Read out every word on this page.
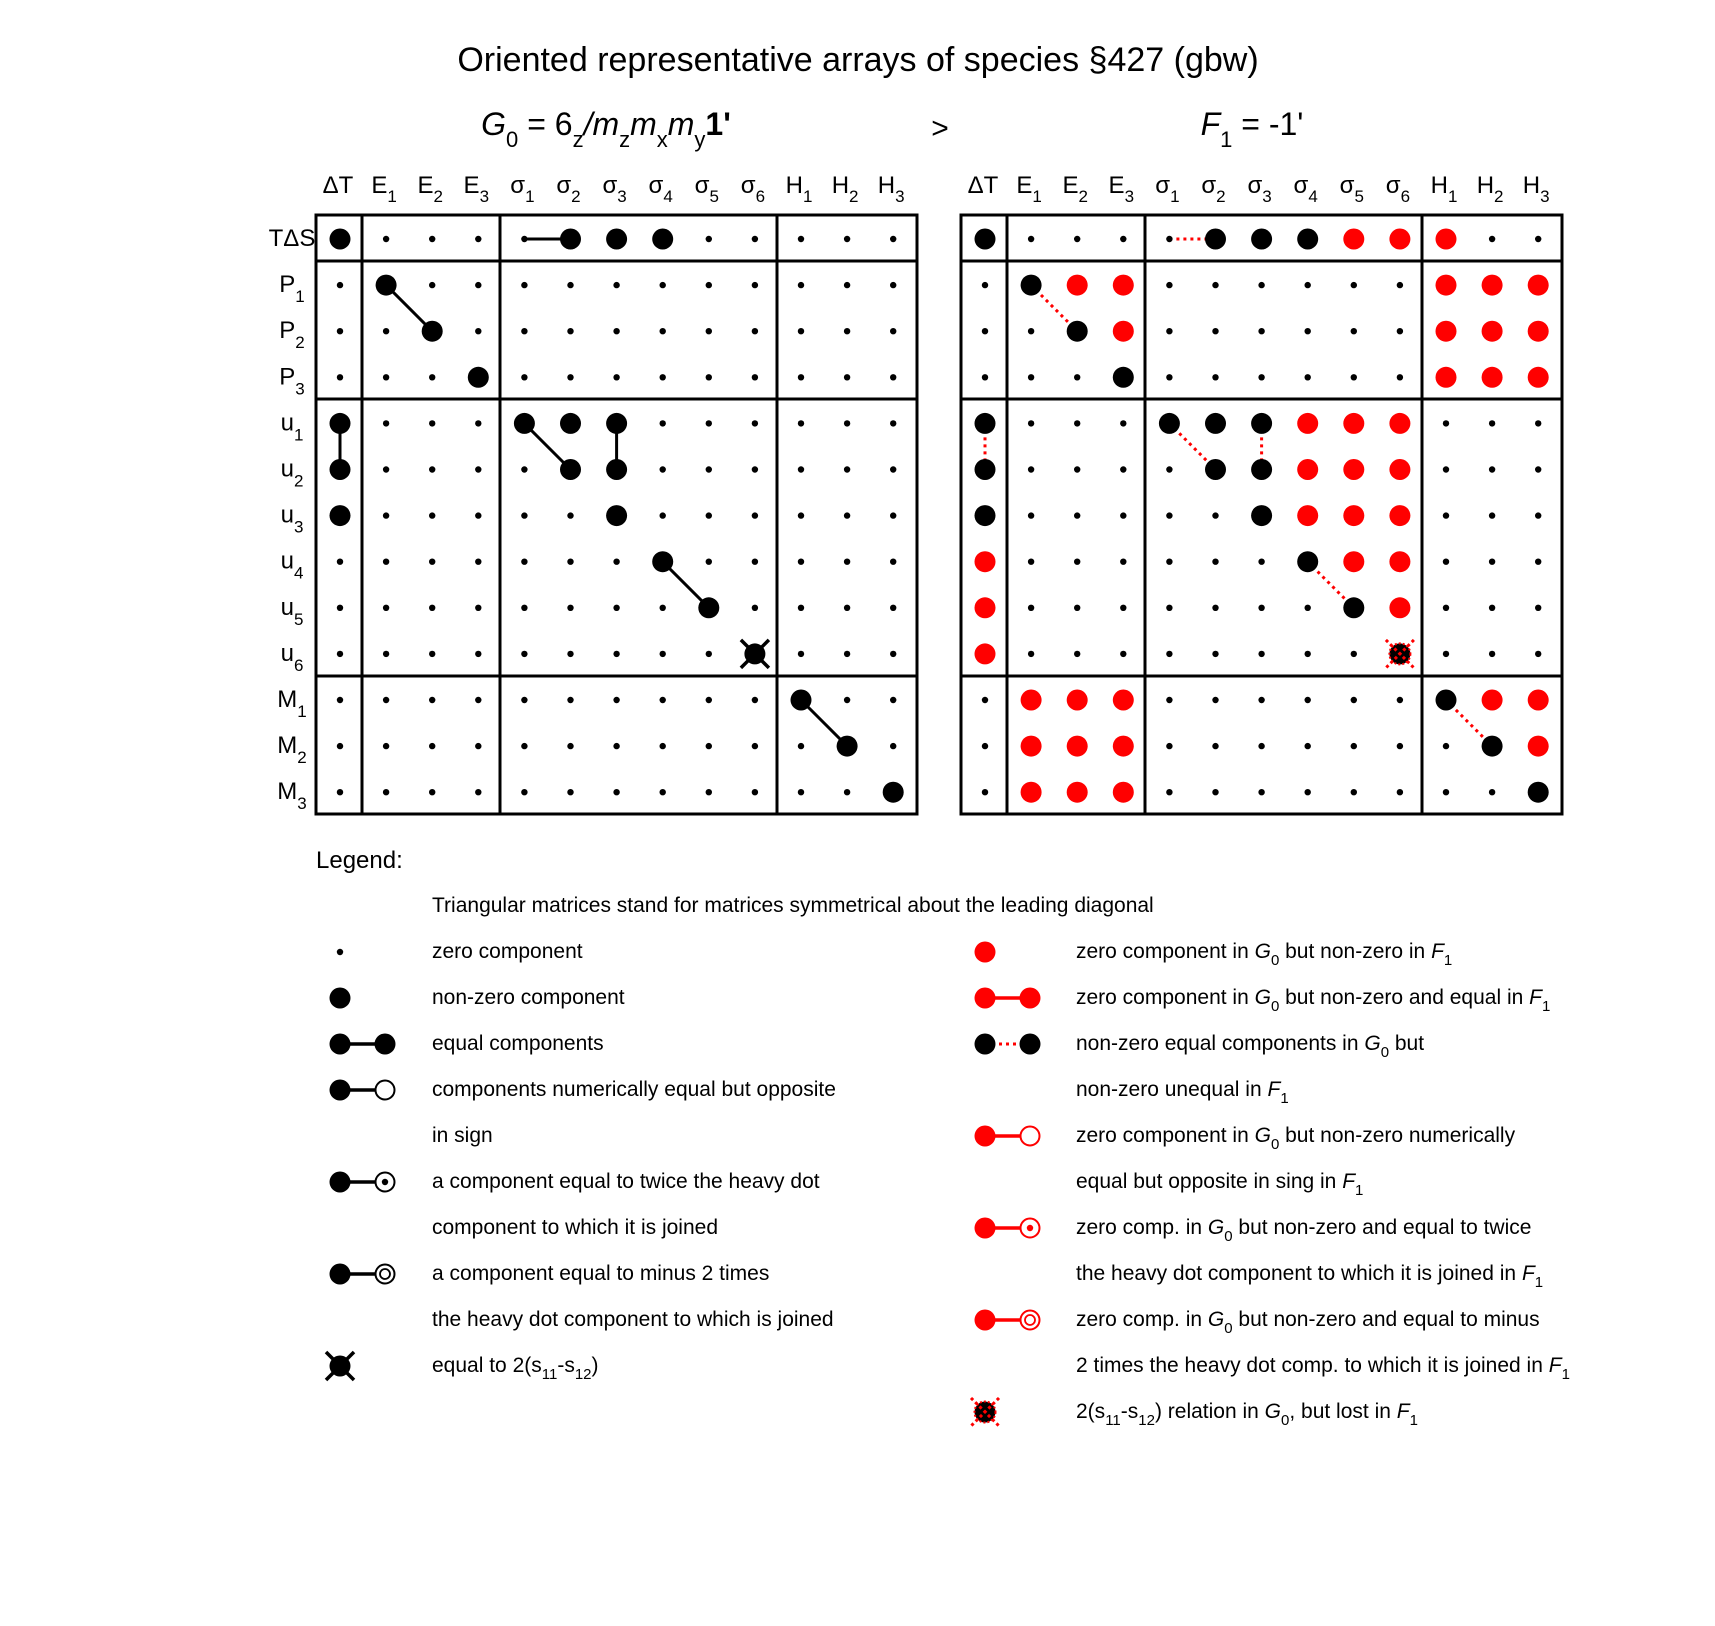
Oriented representative arrays of species §427 (gbw)
$G_0 = 6_z/m_zm_xm_y1'$	>	$F_1 = -1'$
ΔT $E_1$ $E_2$ $E_3$ $\sigma_1$ $\sigma_2$ $\sigma_3$ $\sigma_4$ $\sigma_5$ $\sigma_6$ $H_1$ $H_2$ $H_3$
TΔS
$P_1$
$P_2$
$P_3$
$u_1$
$u_2$
$u_3$
$u_4$
$u_5$
$u_6$
$M_1$
$M_2$
$M_3$
ΔT $E_1$ $E_2$ $E_3$ $\sigma_1$ $\sigma_2$ $\sigma_3$ $\sigma_4$ $\sigma_5$ $\sigma_6$ $H_1$ $H_2$ $H_3$
Legend:
Triangular matrices stand for matrices symmetrical about the leading diagonal
zero component
non-zero component
equal components
components numerically equal but opposite
in sign
a component equal to twice the heavy dot
component to which it is joined
a component equal to minus 2 times
the heavy dot component to which is joined
equal to $2(s_{11}-s_{12})$
zero component in $G_0$ but non-zero in $F_1$
zero component in $G_0$ but non-zero and equal in $F_1$
non-zero equal components in $G_0$ but
non-zero unequal in $F_1$
zero component in $G_0$ but non-zero numerically
equal but opposite in sing in $F_1$
zero comp. in $G_0$ but non-zero and equal to twice
the heavy dot component to which it is joined in $F_1$
zero comp. in $G_0$ but non-zero and equal to minus
2 times the heavy dot comp. to which it is joined in $F_1$
$2(s_{11}-s_{12})$ relation in $G_0$, but lost in $F_1$
